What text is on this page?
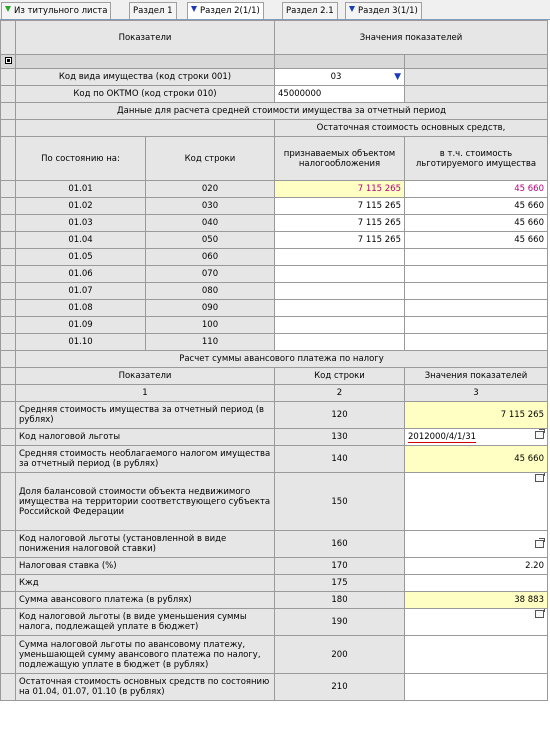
Из титульного листа	Раздел 1	Раздел 2(1/1)	Раздел 2.1	Раздел 3(1/1)
	Показатели		Значения показателей	

	Код вида имущества (код строки 001)		03 ▼	

	Код по ОКТМО (код строки 010)		45000000	
	Данные для расчета средней стоимости имущества за отчетный период			
			Остаточная стоимость основных средств,	
	По состоянию на:	Код строки	признаваемых объектом налогообложения	в т.ч. стоимость льготируемого имущества
	01.01	020	7 115 265	45 660
	01.02	030	7 115 265	45 660
	01.03	040	7 115 265	45 660
	01.04	050	7 115 265	45 660
	01.05	060		
	01.06	070		
	01.07	080		
	01.08	090		
	01.09	100		
	01.10	110		
	Расчет суммы авансового платежа по налогу			
	Показатели		Код строки	Значения показателей
	1		2	3
	Средняя стоимость имущества за отчетный период (в рублях)		120	7 115 265
	Код налоговой льготы		130	2012000/4/1/31

	Средняя стоимость необлагаемого налогом имущества за отчетный период (в рублях)		140	45 660
	Доля балансовой стоимости объекта недвижимого имущества на территории соответствующего субъекта Российской Федерации		150	
	Код налоговой льготы (установленной в виде понижения налоговой ставки)		160	
	Налоговая ставка (%)		170	2.20
	Кжд		175	
	Сумма авансового платежа (в рублях)		180	38 883
	Код налоговой льготы (в виде уменьшения суммы налога, подлежащей уплате в бюджет)		190	
	Сумма налоговой льготы по авансовому платежу, уменьшающей сумму авансового платежа по налогу, подлежащую уплате в бюджет (в рублях)		200	
	Остаточная стоимость основных средств по состоянию на 01.04, 01.07, 01.10 (в рублях)		210	
